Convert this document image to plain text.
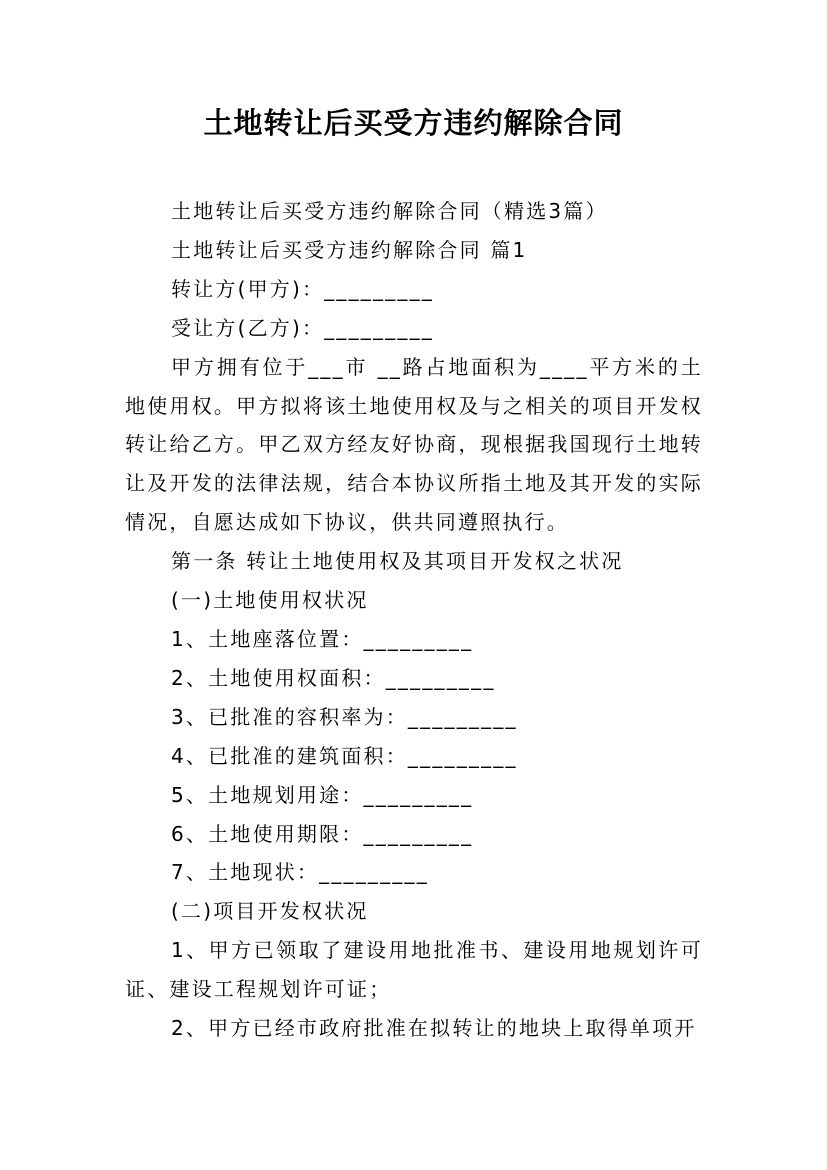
土地转让后买受方违约解除合同

土地转让后买受方违约解除合同（精选3篇）

土地转让后买受方违约解除合同 篇1

转让方(甲方)：_________

受让方(乙方)：_________

甲方拥有位于___市 __路占地面积为____平方米的土地使用权。甲方拟将该土地使用权及与之相关的项目开发权转让给乙方。甲乙双方经友好协商，现根据我国现行土地转让及开发的法律法规，结合本协议所指土地及其开发的实际情况，自愿达成如下协议，供共同遵照执行。

第一条 转让土地使用权及其项目开发权之状况

(一)土地使用权状况

1、土地座落位置：_________

2、土地使用权面积：_________

3、已批准的容积率为：_________

4、已批准的建筑面积：_________

5、土地规划用途：_________

6、土地使用期限：_________

7、土地现状：_________

(二)项目开发权状况

1、甲方已领取了建设用地批准书、建设用地规划许可证、建设工程规划许可证；

2、甲方已经市政府批准在拟转让的地块上取得单项开
